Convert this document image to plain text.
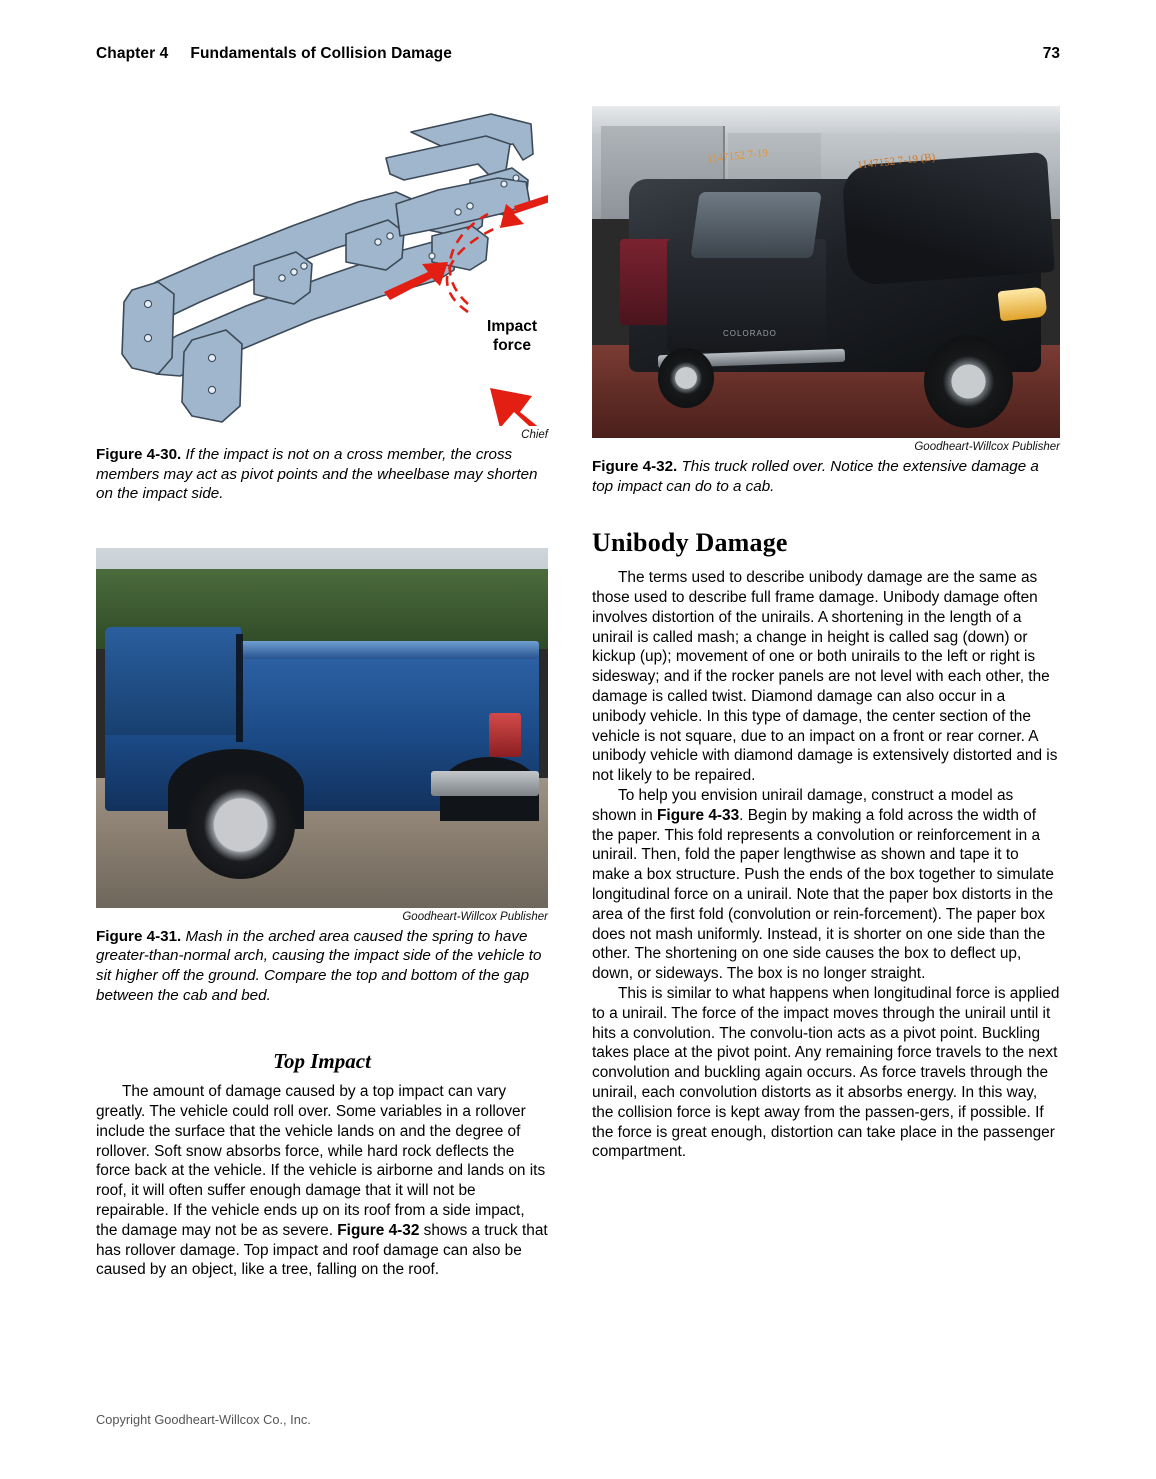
Chapter 4 Fundamentals of Collision Damage	73
Impact
force
Chief
Figure 4-30. If the impact is not on a cross member, the cross members may act as pivot points and the wheelbase may shorten on the impact side.
Goodheart-Willcox Publisher
Figure 4-31. Mash in the arched area caused the spring to have greater-than-normal arch, causing the impact side of the vehicle to sit higher off the ground. Compare the top and bottom of the gap between the cab and bed.
Top Impact

The amount of damage caused by a top impact can vary greatly. The vehicle could roll over. Some variables in a rollover include the surface that the vehicle lands on and the degree of rollover. Soft snow absorbs force, while hard rock deflects the force back at the vehicle. If the vehicle is airborne and lands on its roof, it will often suffer enough damage that it will not be repairable. If the vehicle ends up on its roof from a side impact, the damage may not be as severe. Figure 4-32 shows a truck that has rollover damage. Top impact and roof damage can also be caused by an object, like a tree, falling on the roof.

COLORADO
1147152 7-19	1147152 7-19 (B)
Goodheart-Willcox Publisher
Figure 4-32. This truck rolled over. Notice the extensive damage a top impact can do to a cab.
Unibody Damage

The terms used to describe unibody damage are the same as those used to describe full frame damage. Unibody damage often involves distortion of the unirails. A shortening in the length of a unirail is called mash; a change in height is called sag (down) or kickup (up); movement of one or both unirails to the left or right is sidesway; and if the rocker panels are not level with each other, the damage is called twist. Diamond damage can also occur in a unibody vehicle. In this type of damage, the center section of the vehicle is not square, due to an impact on a front or rear corner. A unibody vehicle with diamond damage is extensively distorted and is not likely to be repaired.

To help you envision unirail damage, construct a model as shown in Figure 4-33. Begin by making a fold across the width of the paper. This fold represents a convolution or reinforcement in a unirail. Then, fold the paper lengthwise as shown and tape it to make a box structure. Push the ends of the box together to simulate longitudinal force on a unirail. Note that the paper box distorts in the area of the first fold (convolution or rein-forcement). The paper box does not mash uniformly. Instead, it is shorter on one side than the other. The shortening on one side causes the box to deflect up, down, or sideways. The box is no longer straight.

This is similar to what happens when longitudinal force is applied to a unirail. The force of the impact moves through the unirail until it hits a convolution. The convolu-tion acts as a pivot point. Buckling takes place at the pivot point. Any remaining force travels to the next convolution and buckling again occurs. As force travels through the unirail, each convolution distorts as it absorbs energy. In this way, the collision force is kept away from the passen-gers, if possible. If the force is great enough, distortion can take place in the passenger compartment.

Copyright Goodheart-Willcox Co., Inc.
